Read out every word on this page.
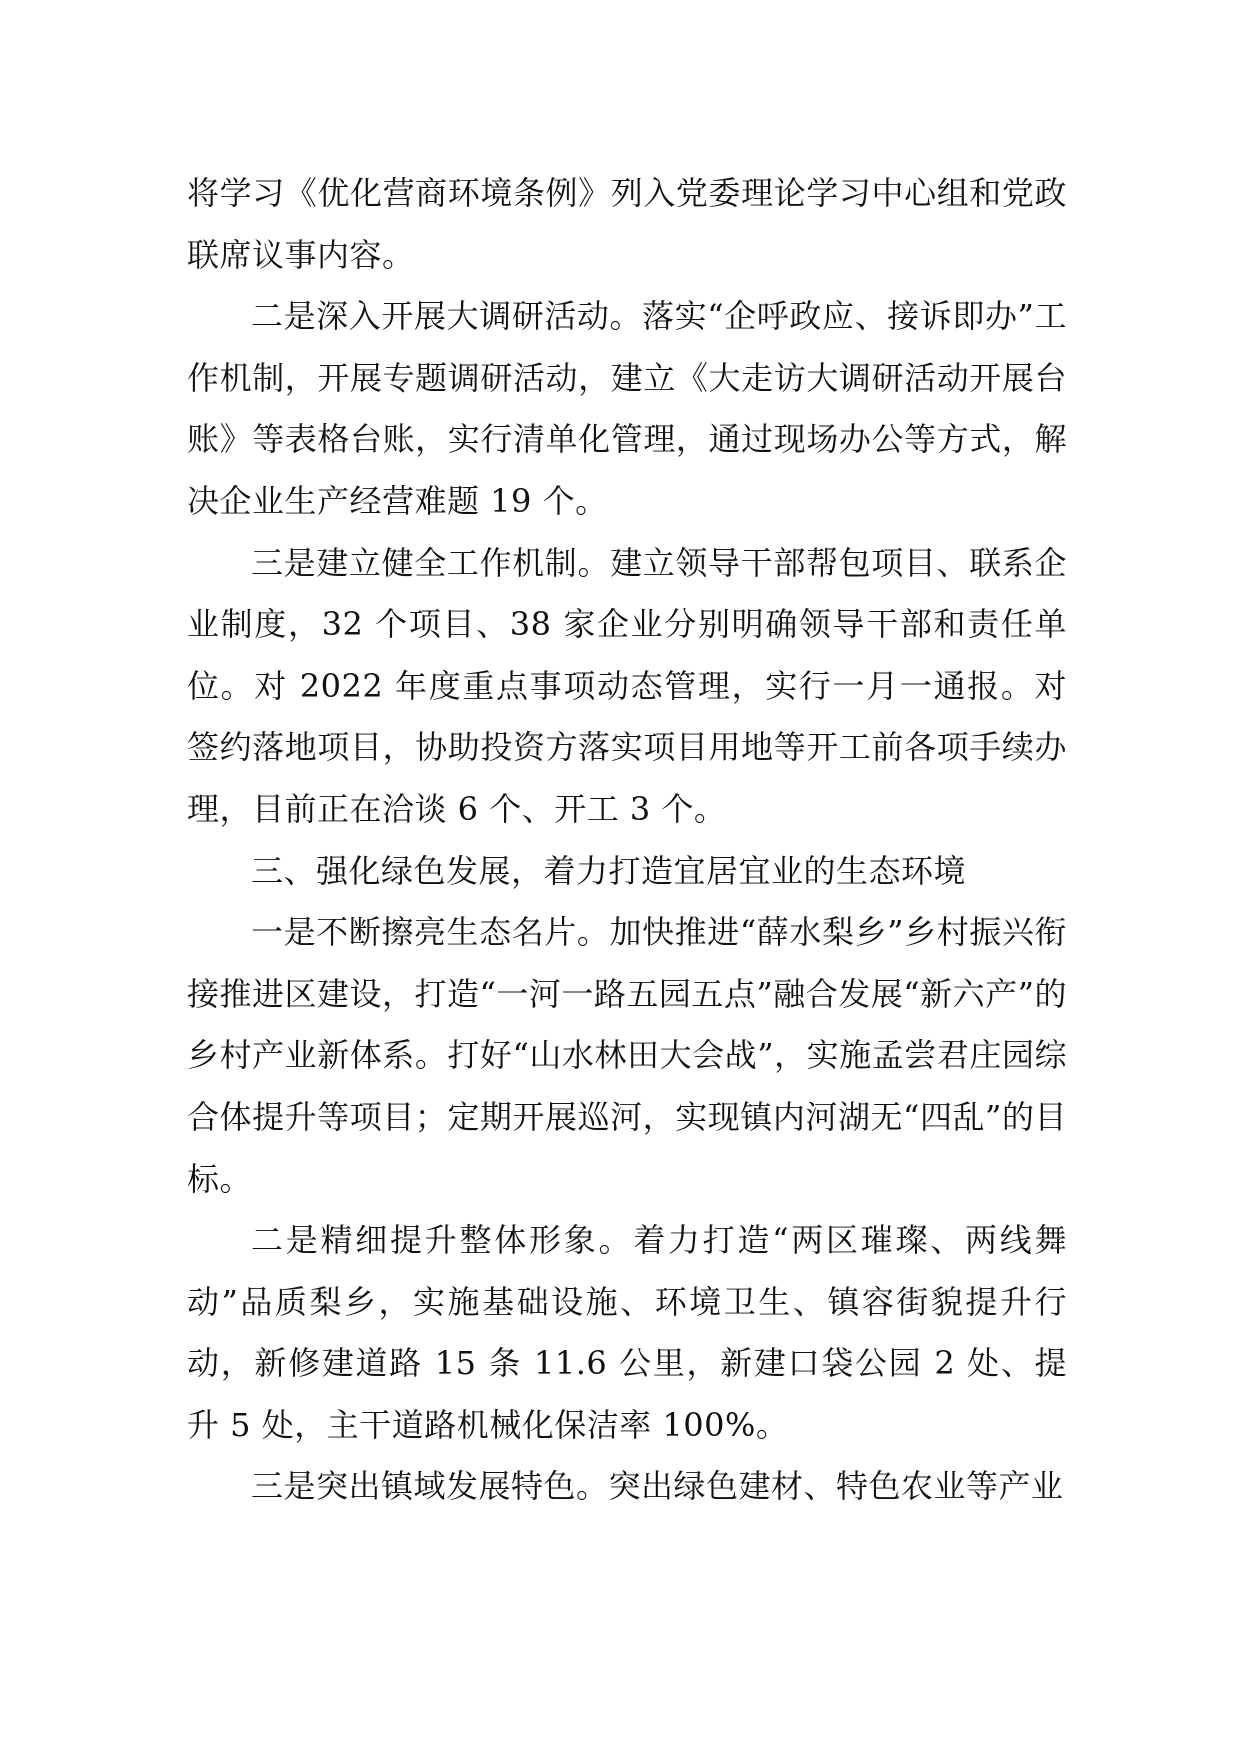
将学习《优化营商环境条例》列入党委理论学习中心组和党政联席议事内容。

二是深入开展大调研活动。落实“企呼政应、接诉即办”工作机制，开展专题调研活动，建立《大走访大调研活动开展台账》等表格台账，实行清单化管理，通过现场办公等方式，解决企业生产经营难题 19 个。

三是建立健全工作机制。建立领导干部帮包项目、联系企业制度，32 个项目、38 家企业分别明确领导干部和责任单位。对 2022 年度重点事项动态管理，实行一月一通报。对签约落地项目，协助投资方落实项目用地等开工前各项手续办理，目前正在洽谈 6 个、开工 3 个。

三、强化绿色发展，着力打造宜居宜业的生态环境

一是不断擦亮生态名片。加快推进“薛水梨乡”乡村振兴衔接推进区建设，打造“一河一路五园五点”融合发展“新六产”的乡村产业新体系。打好“山水林田大会战”，实施孟尝君庄园综合体提升等项目；定期开展巡河，实现镇内河湖无“四乱”的目标。

二是精细提升整体形象。着力打造“两区璀璨、两线舞动”品质梨乡，实施基础设施、环境卫生、镇容街貌提升行动，新修建道路 15 条 11.6 公里，新建口袋公园 2 处、提升 5 处，主干道路机械化保洁率 100%。

三是突出镇域发展特色。突出绿色建材、特色农业等产业
